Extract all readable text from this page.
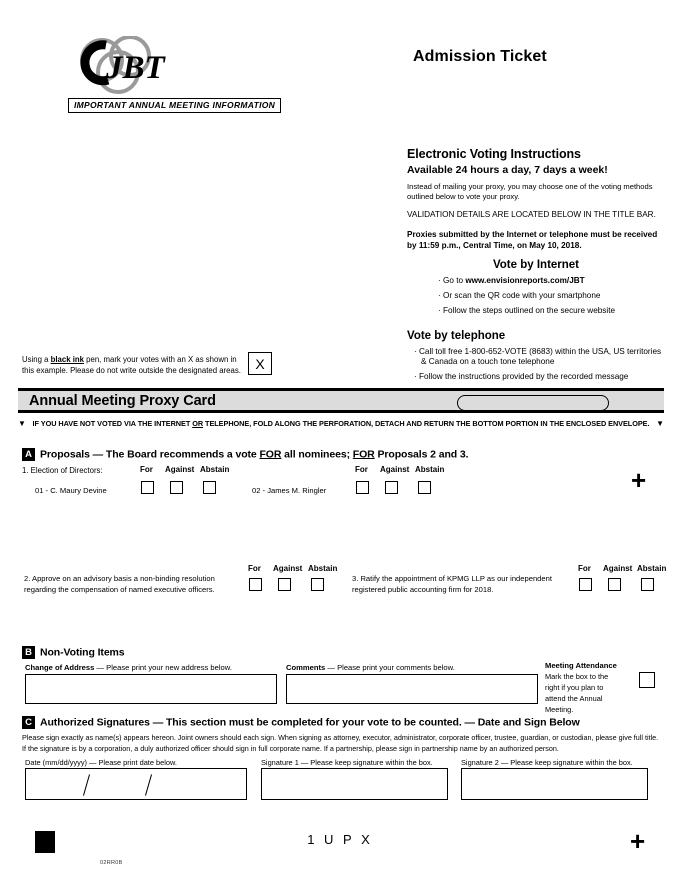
JBT
IMPORTANT ANNUAL MEETING INFORMATION
Admission Ticket
Electronic Voting Instructions
Available 24 hours a day, 7 days a week!

Instead of mailing your proxy, you may choose one of the voting methods outlined below to vote your proxy.

VALIDATION DETAILS ARE LOCATED BELOW IN THE TITLE BAR.

Proxies submitted by the Internet or telephone must be received by 11:59 p.m., Central Time, on May 10, 2018.

Vote by Internet
· Go to www.envisionreports.com/JBT
· Or scan the QR code with your smartphone
· Follow the steps outlined on the secure website
Vote by telephone
· Call toll free 1-800-652-VOTE (8683) within the USA, US territories & Canada on a touch tone telephone
· Follow the instructions provided by the recorded message
Using a black ink pen, mark your votes with an X as shown in this example. Please do not write outside the designated areas.	X
Annual Meeting Proxy Card
▼ IF YOU HAVE NOT VOTED VIA THE INTERNET OR TELEPHONE, FOLD ALONG THE PERFORATION, DETACH AND RETURN THE BOTTOM PORTION IN THE ENCLOSED ENVELOPE. ▼
A Proposals — The Board recommends a vote FOR all nominees; FOR Proposals 2 and 3.
1. Election of Directors:	For Against Abstain	For Against Abstain
01 - C. Maury Devine	02 - James M. Ringler	+
2. Approve on an advisory basis a non-binding resolution regarding the compensation of named executive officers.
For Against Abstain
3. Ratify the appointment of KPMG LLP as our independent registered public accounting firm for 2018.
For Against Abstain
B Non-Voting Items
Change of Address — Please print your new address below.	Comments — Please print your comments below.	Meeting Attendance
Mark the box to the right if you plan to attend the Annual Meeting.
C Authorized Signatures — This section must be completed for your vote to be counted. — Date and Sign Below
Please sign exactly as name(s) appears hereon. Joint owners should each sign. When signing as attorney, executor, administrator, corporate officer, trustee, guardian, or custodian, please give full title. If the signature is by a corporation, a duly authorized officer should sign in full corporate name. If a partnership, please sign in partnership name by an authorized person.
Date (mm/dd/yyyy) — Please print date below.	Signature 1 — Please keep signature within the box.	Signature 2 — Please keep signature within the box.
1 U P X
02RR0B
+
